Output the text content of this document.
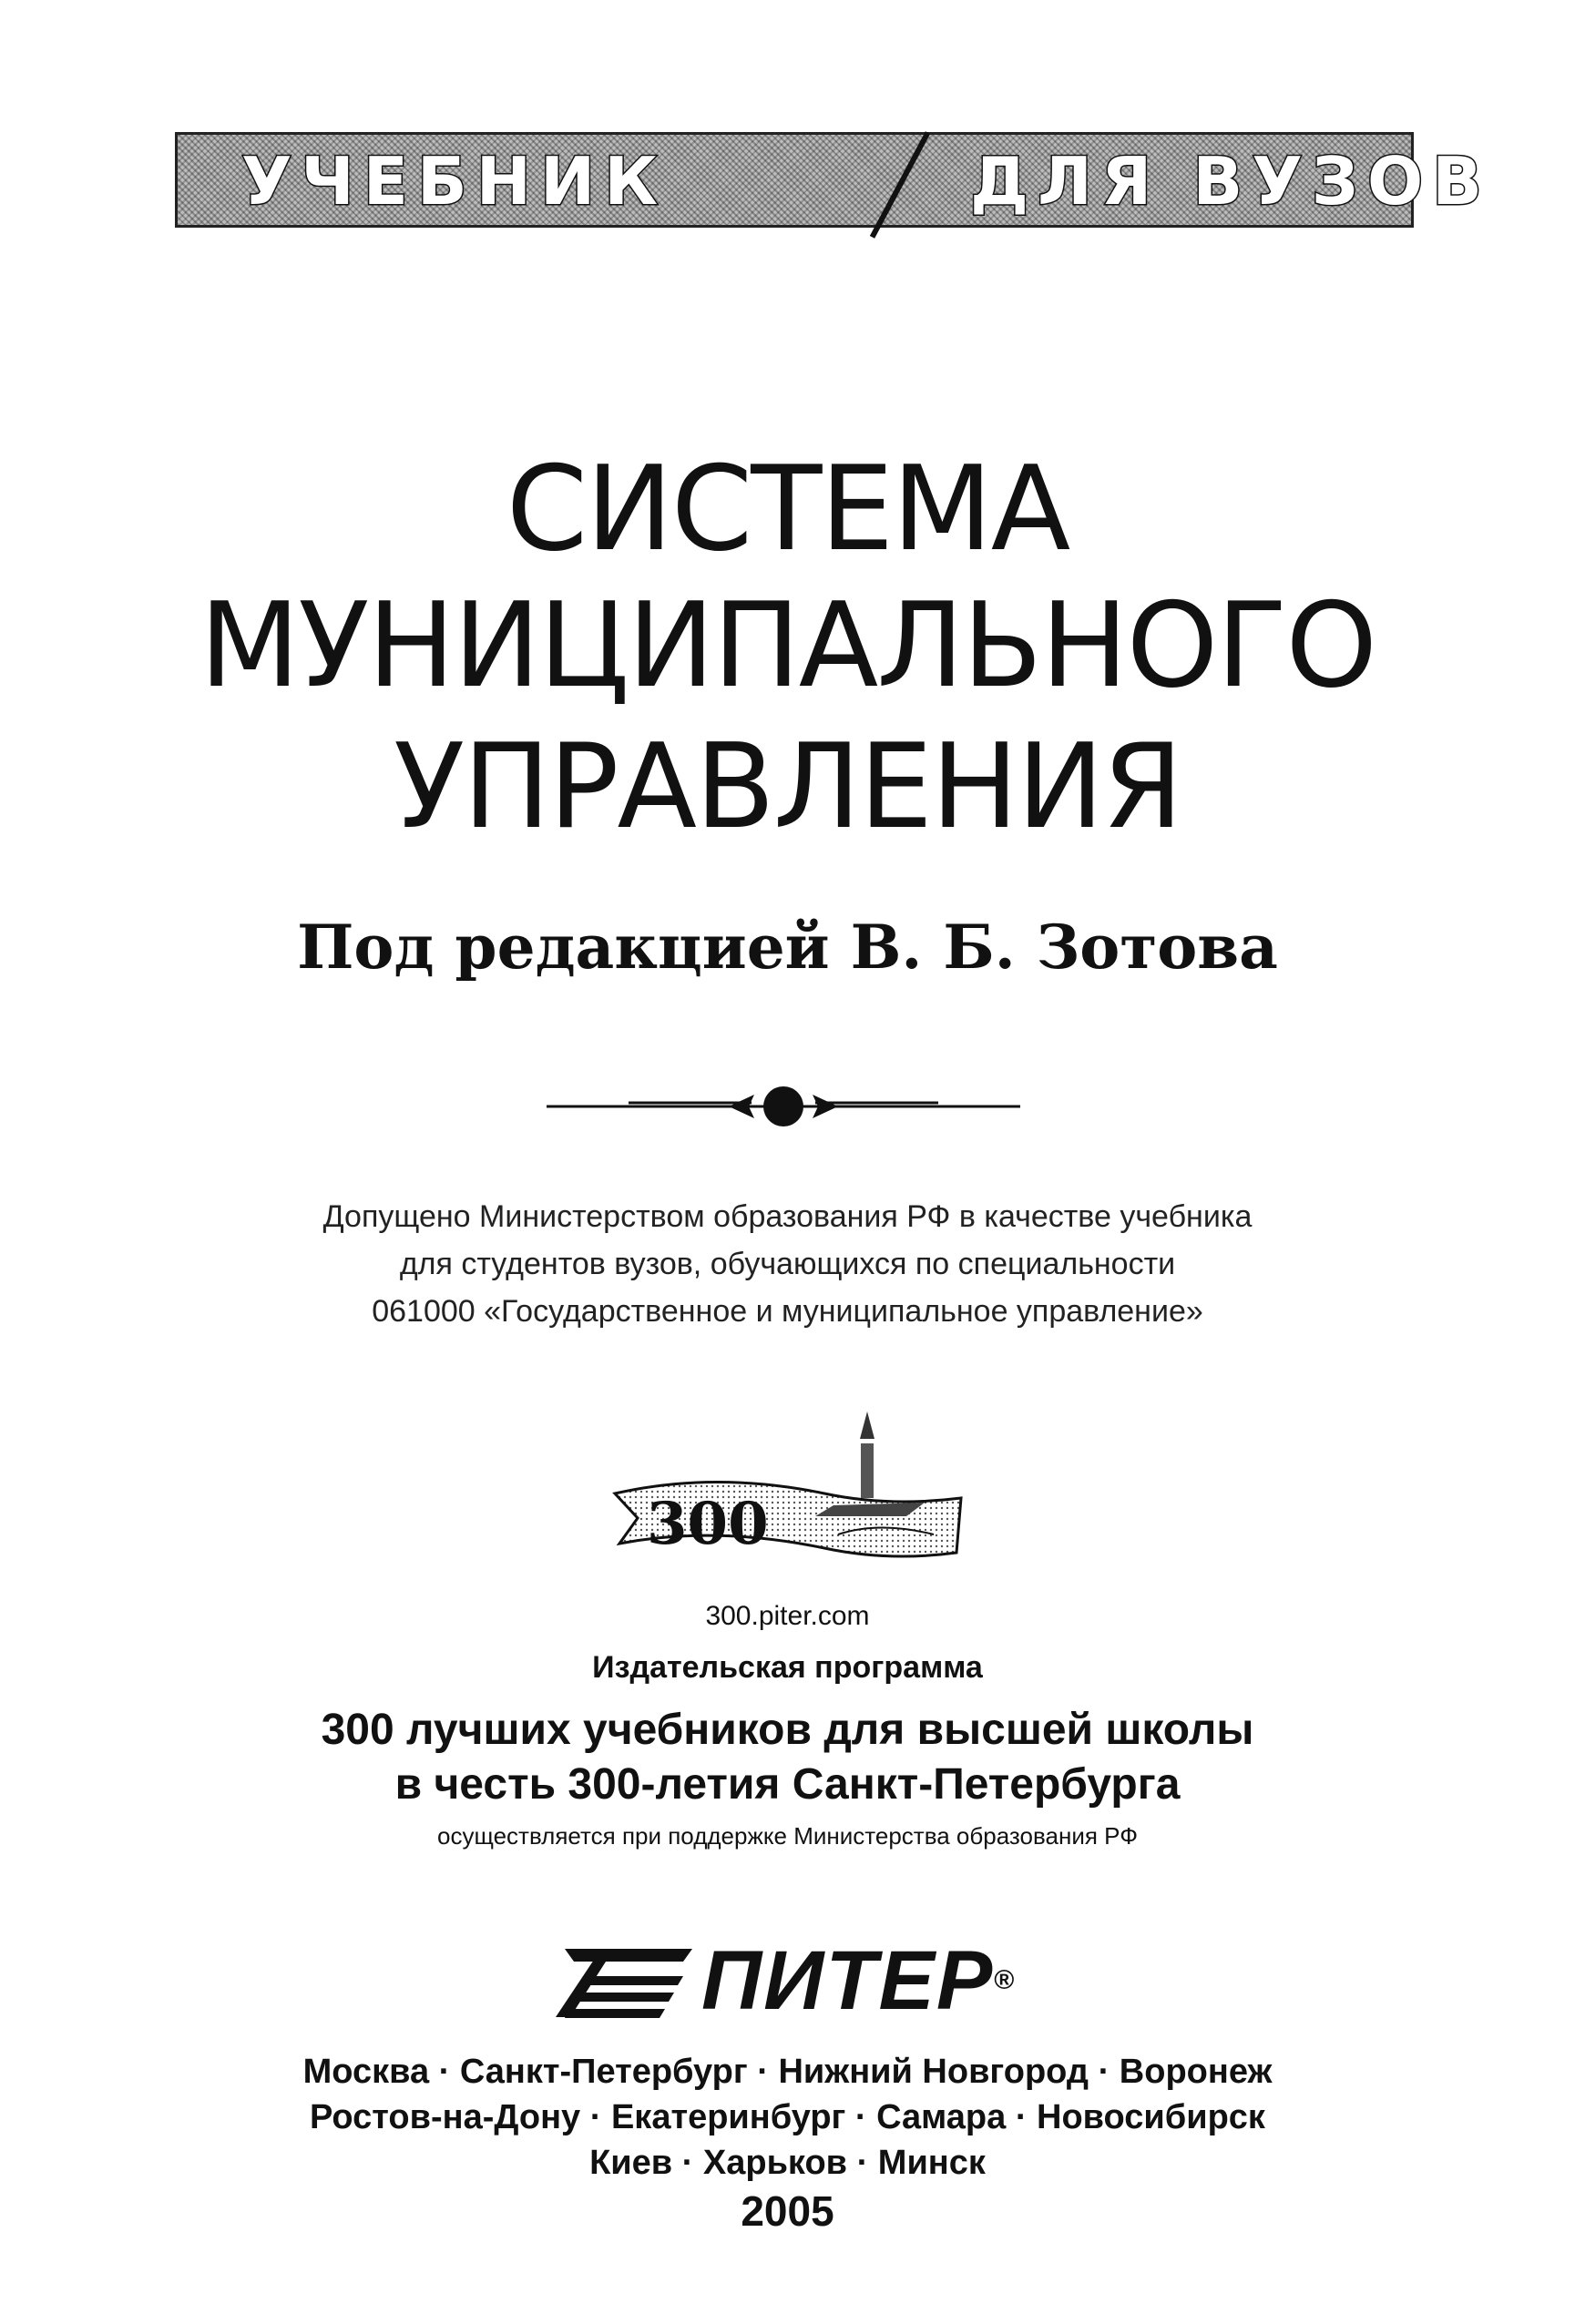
УЧЕБНИК	ДЛЯ ВУЗОВ
СИСТЕМА
МУНИЦИПАЛЬНОГО
УПРАВЛЕНИЯ
Под редакцией В. Б. Зотова
Допущено Министерством образования РФ в качестве учебника
для студентов вузов, обучающихся по специальности
061000 «Государственное и муниципальное управление»
300
300.piter.com
Издательская программа
300 лучших учебников для высшей школы
в честь 300-летия Санкт-Петербурга
осуществляется при поддержке Министерства образования РФ
ПИТЕР®
Москва · Санкт-Петербург · Нижний Новгород · Воронеж
Ростов-на-Дону · Екатеринбург · Самара · Новосибирск
Киев · Харьков · Минск
2005
